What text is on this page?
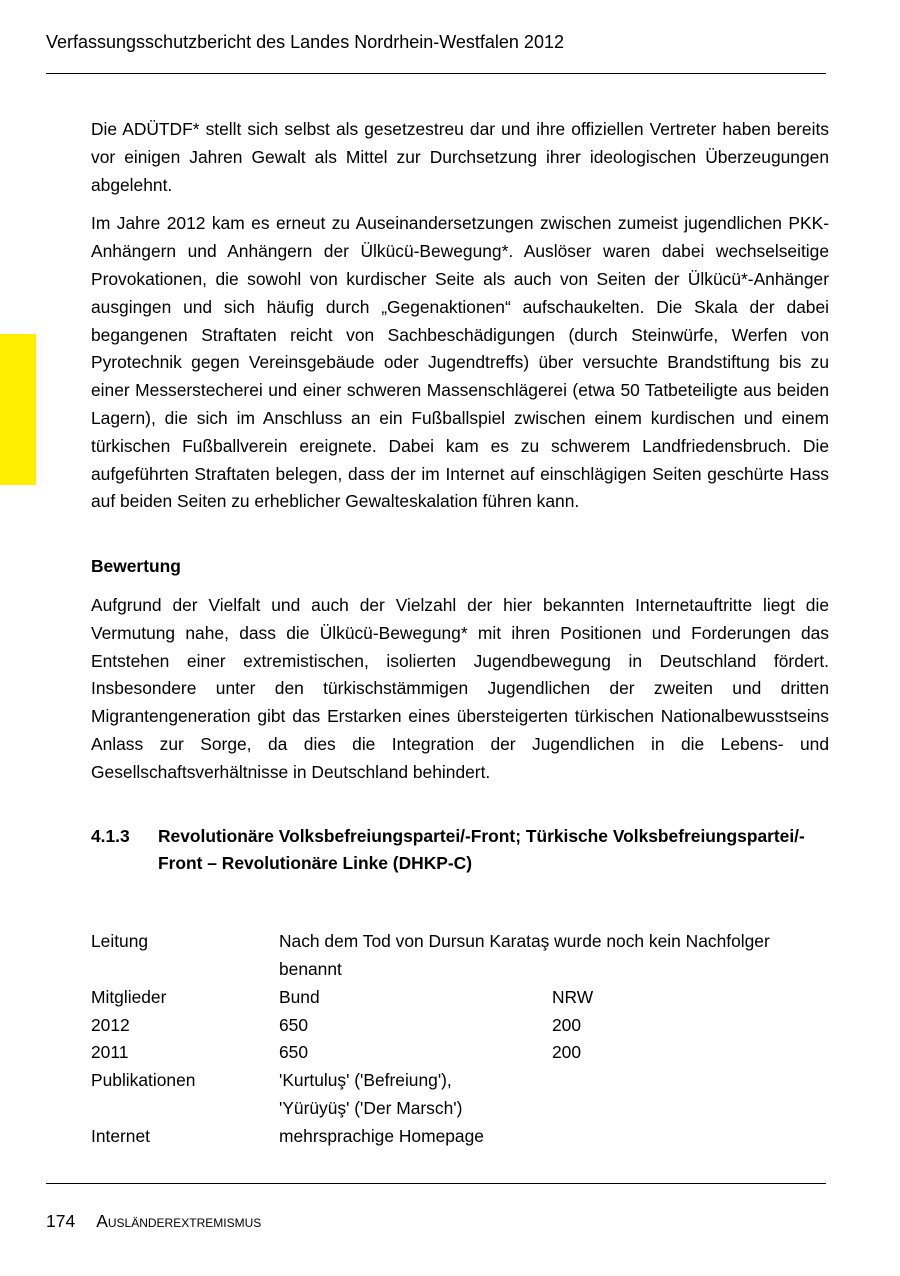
Verfassungsschutzbericht des Landes Nordrhein-Westfalen 2012

Die ADÜTDF* stellt sich selbst als gesetzestreu dar und ihre offiziellen Vertreter haben bereits vor einigen Jahren Gewalt als Mittel zur Durchsetzung ihrer ideologischen Überzeugungen abgelehnt.

Im Jahre 2012 kam es erneut zu Auseinandersetzungen zwischen zumeist jugendlichen PKK-Anhängern und Anhängern der Ülkücü-Bewegung*. Auslöser waren dabei wechselseitige Provokationen, die sowohl von kurdischer Seite als auch von Seiten der Ülkücü*-Anhänger ausgingen und sich häufig durch „Gegenaktionen“ aufschaukelten. Die Skala der dabei begangenen Straftaten reicht von Sachbeschädigungen (durch Steinwürfe, Werfen von Pyrotechnik gegen Vereinsgebäude oder Jugendtreffs) über versuchte Brandstiftung bis zu einer Messerstecherei und einer schweren Massenschlägerei (etwa 50 Tatbeteiligte aus beiden Lagern), die sich im Anschluss an ein Fußballspiel zwischen einem kurdischen und einem türkischen Fußballverein ereignete. Dabei kam es zu schwerem Landfriedensbruch. Die aufgeführten Straftaten belegen, dass der im Internet auf einschlägigen Seiten geschürte Hass auf beiden Seiten zu erheblicher Gewalteskalation führen kann.

Bewertung

Aufgrund der Vielfalt und auch der Vielzahl der hier bekannten Internetauftritte liegt die Vermutung nahe, dass die Ülkücü-Bewegung* mit ihren Positionen und Forderungen das Entstehen einer extremistischen, isolierten Jugendbewegung in Deutschland fördert. Insbesondere unter den türkischstämmigen Jugendlichen der zweiten und dritten Migrantengeneration gibt das Erstarken eines übersteigerten türkischen Nationalbewusstseins Anlass zur Sorge, da dies die Integration der Jugendlichen in die Lebens- und Gesellschaftsverhältnisse in Deutschland behindert.

4.1.3	Revolutionäre Volksbefreiungspartei/-Front; Türkische Volksbefreiungspartei/-Front – Revolutionäre Linke (DHKP-C)
Leitung	Nach dem Tod von Dursun Karataş wurde noch kein Nachfolger benannt
Mitglieder	Bund	NRW
2012	650	200
2011	650	200
Publikationen	'Kurtuluş' ('Befreiung'),
'Yürüyüş' ('Der Marsch')
Internet	mehrsprachige Homepage
174 Ausländerextremismus
